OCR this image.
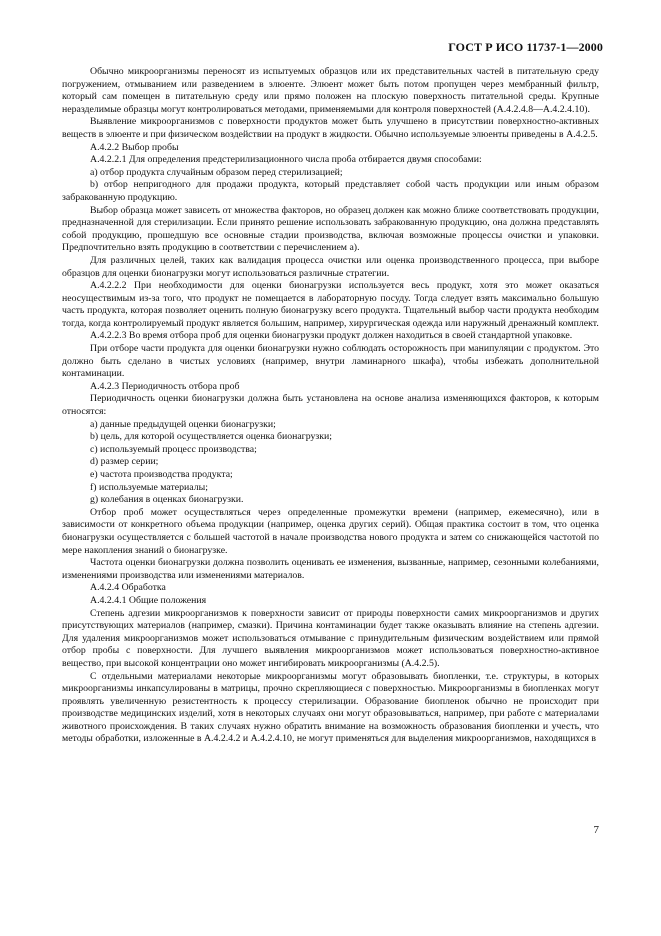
ГОСТ Р ИСО 11737-1—2000

Обычно микроорганизмы переносят из испытуемых образцов или их представительных частей в питательную среду погружением, отмыванием или разведением в элюенте. Элюент может быть потом пропущен через мембранный фильтр, который сам помещен в питательную среду или прямо положен на плоскую поверхность питательной среды. Крупные неразделимые образцы могут контролироваться методами, применяемыми для контроля поверхностей (А.4.2.4.8—А.4.2.4.10).

Выявление микроорганизмов с поверхности продуктов может быть улучшено в присутствии поверхностно-активных веществ в элюенте и при физическом воздействии на продукт в жидкости. Обычно используемые элюенты приведены в А.4.2.5.

А.4.2.2 Выбор пробы

А.4.2.2.1 Для определения предстерилизационного числа проба отбирается двумя способами:

а) отбор продукта случайным образом перед стерилизацией;

b) отбор непригодного для продажи продукта, который представляет собой часть продукции или иным образом забракованную продукцию.

Выбор образца может зависеть от множества факторов, но образец должен как можно ближе соответствовать продукции, предназначенной для стерилизации. Если принято решение использовать забракованную продукцию, она должна представлять собой продукцию, прошедшую все основные стадии производства, включая возможные процессы очистки и упаковки. Предпочтительно взять продукцию в соответствии с перечислением а).

Для различных целей, таких как валидация процесса очистки или оценка производственного процесса, при выборе образцов для оценки бионагрузки могут использоваться различные стратегии.

А.4.2.2.2 При необходимости для оценки бионагрузки используется весь продукт, хотя это может оказаться неосуществимым из-за того, что продукт не помещается в лабораторную посуду. Тогда следует взять максимально большую часть продукта, которая позволяет оценить полную бионагрузку всего продукта. Тщательный выбор части продукта необходим тогда, когда контролируемый продукт является большим, например, хирургическая одежда или наружный дренажный комплект.

А.4.2.2.3 Во время отбора проб для оценки бионагрузки продукт должен находиться в своей стандартной упаковке.

При отборе части продукта для оценки бионагрузки нужно соблюдать осторожность при манипуляции с продуктом. Это должно быть сделано в чистых условиях (например, внутри ламинарного шкафа), чтобы избежать дополнительной контаминации.

А.4.2.3 Периодичность отбора проб

Периодичность оценки бионагрузки должна быть установлена на основе анализа изменяющихся факторов, к которым относятся:

а) данные предыдущей оценки бионагрузки;

b) цель, для которой осуществляется оценка бионагрузки;

с) используемый процесс производства;

d) размер серии;

е) частота производства продукта;

f) используемые материалы;

g) колебания в оценках бионагрузки.

Отбор проб может осуществляться через определенные промежутки времени (например, ежемесячно), или в зависимости от конкретного объема продукции (например, оценка других серий). Общая практика состоит в том, что оценка бионагрузки осуществляется с большей частотой в начале производства нового продукта и затем со снижающейся частотой по мере накопления знаний о бионагрузке.

Частота оценки бионагрузки должна позволить оценивать ее изменения, вызванные, например, сезонными колебаниями, изменениями производства или изменениями материалов.

А.4.2.4 Обработка

А.4.2.4.1 Общие положения

Степень адгезии микроорганизмов к поверхности зависит от природы поверхности самих микроорганизмов и других присутствующих материалов (например, смазки). Причина контаминации будет также оказывать влияние на степень адгезии. Для удаления микроорганизмов может использоваться отмывание с принудительным физическим воздействием или прямой отбор пробы с поверхности. Для лучшего выявления микроорганизмов может использоваться поверхностно-активное вещество, при высокой концентрации оно может ингибировать микроорганизмы (А.4.2.5).

С отдельными материалами некоторые микроорганизмы могут образовывать биопленки, т.е. структуры, в которых микроорганизмы инкапсулированы в матрицы, прочно скрепляющиеся с поверхностью. Микроорганизмы в биопленках могут проявлять увеличенную резистентность к процессу стерилизации. Образование биопленок обычно не происходит при производстве медицинских изделий, хотя в некоторых случаях они могут образовываться, например, при работе с материалами животного происхождения. В таких случаях нужно обратить внимание на возможность образования биопленки и учесть, что методы обработки, изложенные в А.4.2.4.2 и А.4.2.4.10, не могут применяться для выделения микроорганизмов, находящихся в

7
